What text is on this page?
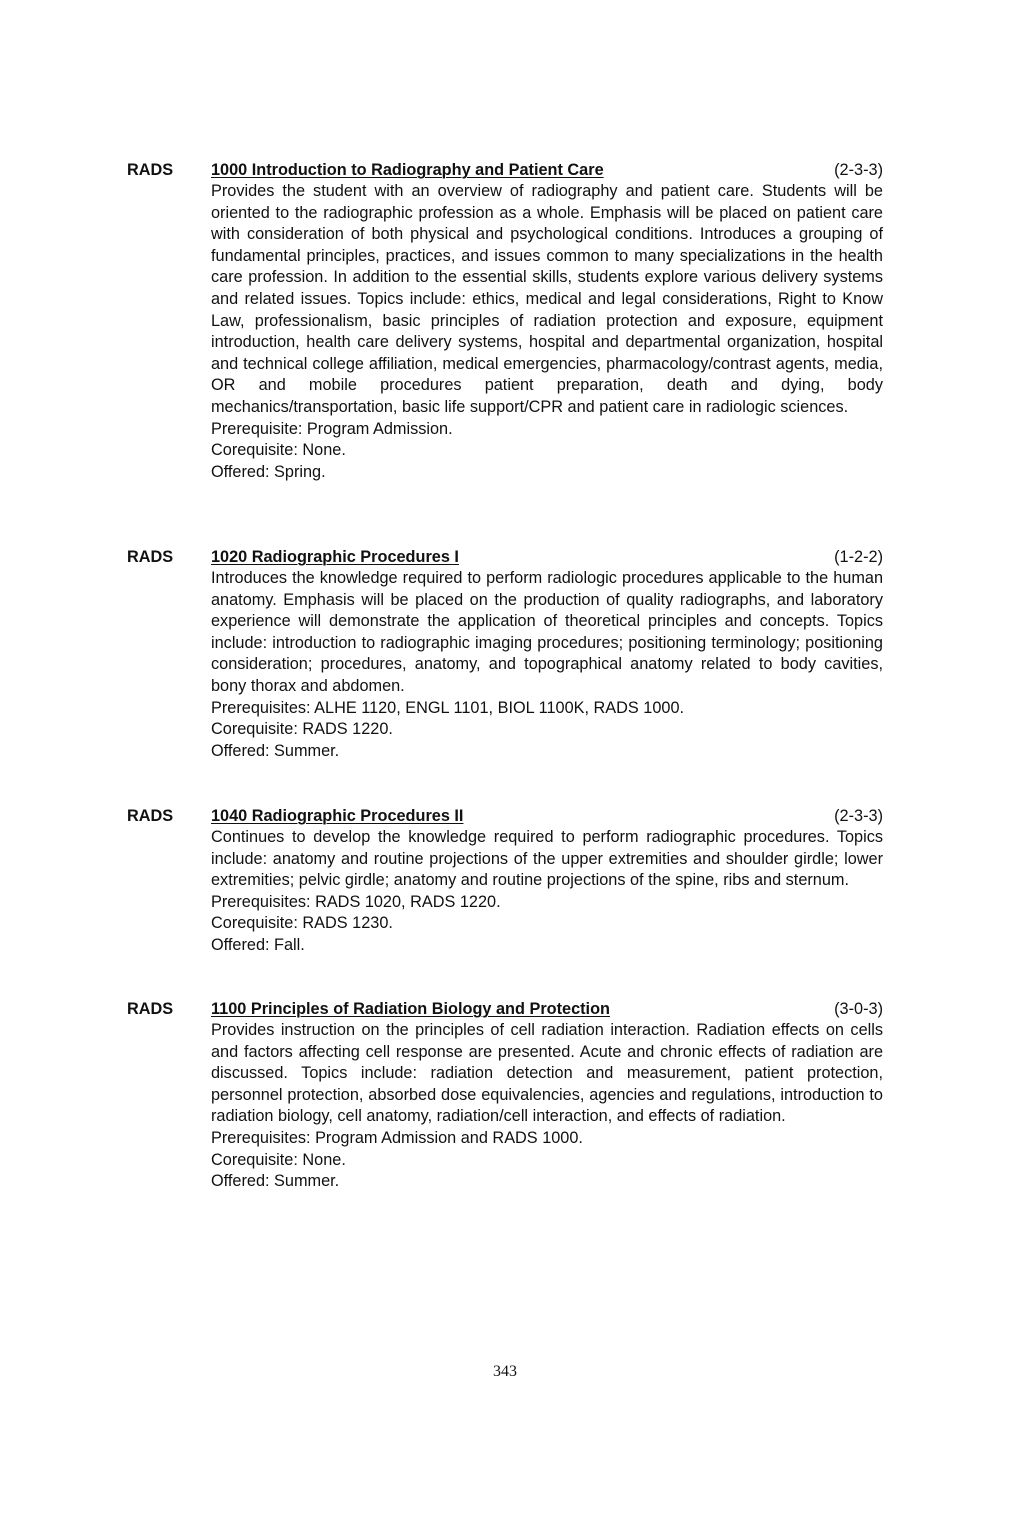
RADS 1000 Introduction to Radiography and Patient Care	(2-3-3)

Provides the student with an overview of radiography and patient care. Students will be oriented to the radiographic profession as a whole. Emphasis will be placed on patient care with consideration of both physical and psychological conditions. Introduces a grouping of fundamental principles, practices, and issues common to many specializations in the health care profession. In addition to the essential skills, students explore various delivery systems and related issues. Topics include: ethics, medical and legal considerations, Right to Know Law, professionalism, basic principles of radiation protection and exposure, equipment introduction, health care delivery systems, hospital and departmental organization, hospital and technical college affiliation, medical emergencies, pharmacology/contrast agents, media, OR and mobile procedures patient preparation, death and dying, body mechanics/transportation, basic life support/CPR and patient care in radiologic sciences.

Prerequisite: Program Admission.

Corequisite: None.

Offered: Spring.

RADS 1020 Radiographic Procedures I	(1-2-2)

Introduces the knowledge required to perform radiologic procedures applicable to the human anatomy. Emphasis will be placed on the production of quality radiographs, and laboratory experience will demonstrate the application of theoretical principles and concepts. Topics include: introduction to radiographic imaging procedures; positioning terminology; positioning consideration; procedures, anatomy, and topographical anatomy related to body cavities, bony thorax and abdomen.

Prerequisites: ALHE 1120, ENGL 1101, BIOL 1100K, RADS 1000.

Corequisite: RADS 1220.

Offered: Summer.

RADS 1040 Radiographic Procedures II	(2-3-3)

Continues to develop the knowledge required to perform radiographic procedures. Topics include: anatomy and routine projections of the upper extremities and shoulder girdle; lower extremities; pelvic girdle; anatomy and routine projections of the spine, ribs and sternum.

Prerequisites: RADS 1020, RADS 1220.

Corequisite: RADS 1230.

Offered: Fall.

RADS 1100 Principles of Radiation Biology and Protection	(3-0-3)

Provides instruction on the principles of cell radiation interaction. Radiation effects on cells and factors affecting cell response are presented. Acute and chronic effects of radiation are discussed. Topics include: radiation detection and measurement, patient protection, personnel protection, absorbed dose equivalencies, agencies and regulations, introduction to radiation biology, cell anatomy, radiation/cell interaction, and effects of radiation.

Prerequisites: Program Admission and RADS 1000.

Corequisite: None.

Offered: Summer.

343
